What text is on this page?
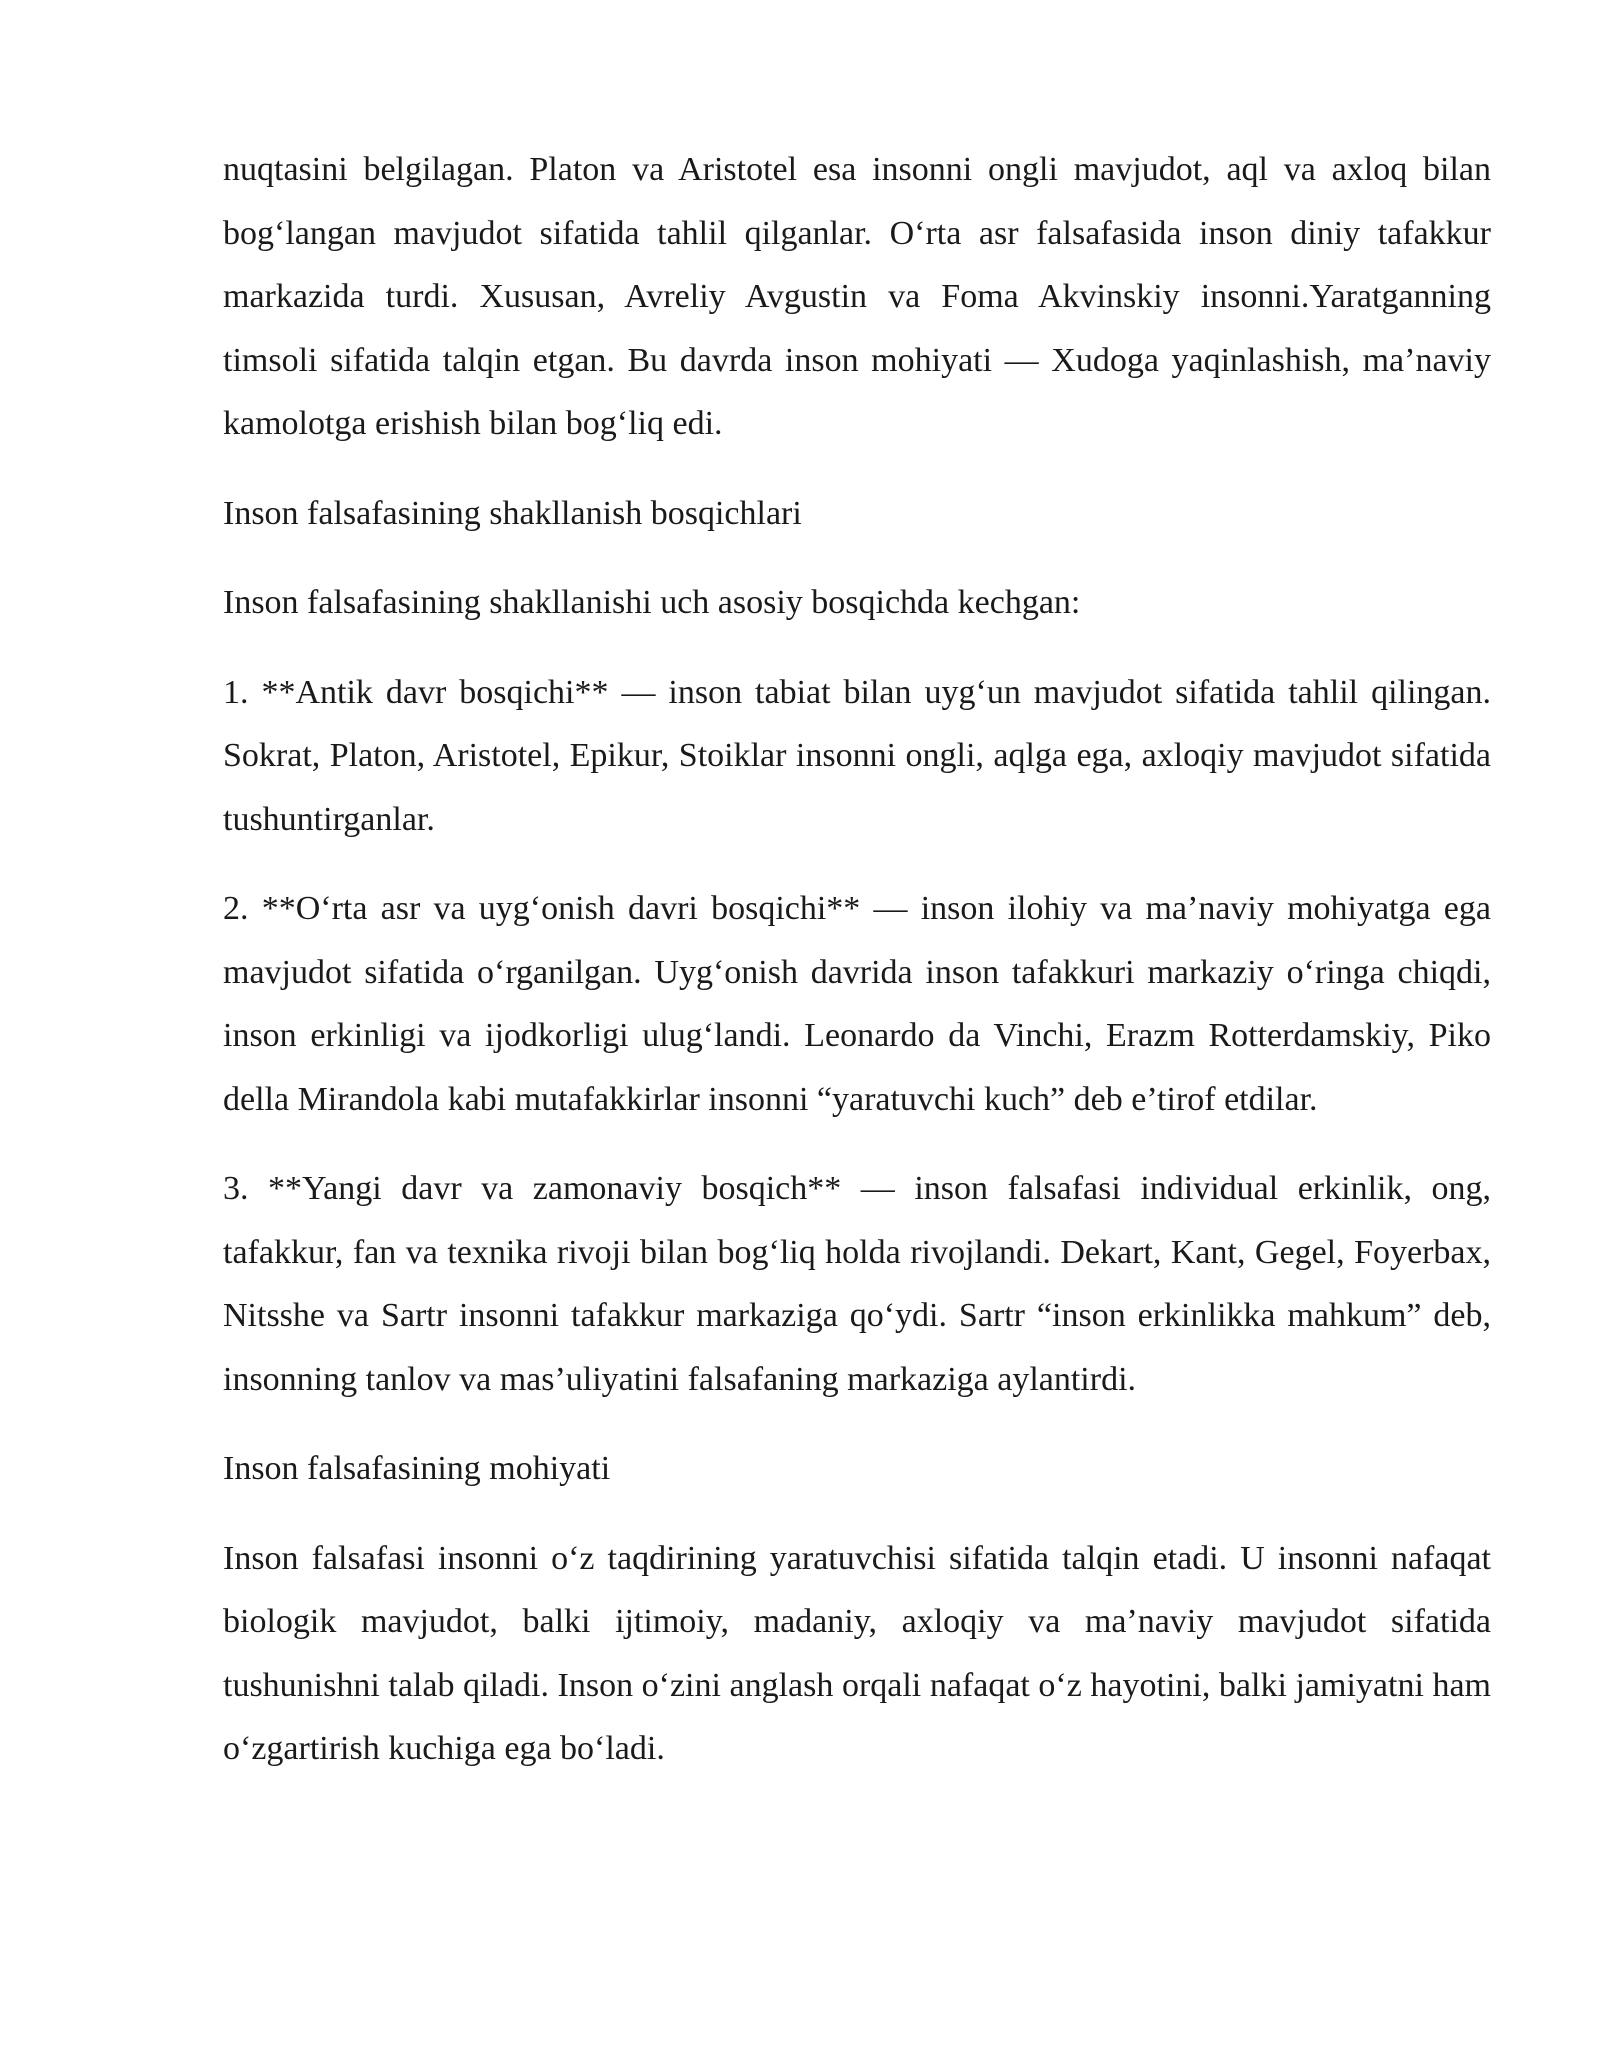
nuqtasini belgilagan. Platon va Aristotel esa insonni ongli mavjudot, aql va axloq bilan bog‘langan mavjudot sifatida tahlil qilganlar. O‘rta asr falsafasida inson diniy tafakkur markazida turdi. Xususan, Avreliy Avgustin va Foma Akvinskiy insonni.Yaratganning timsoli sifatida talqin etgan. Bu davrda inson mohiyati — Xudoga yaqinlashish, ma’naviy kamolotga erishish bilan bog‘liq edi.

Inson falsafasining shakllanish bosqichlari

Inson falsafasining shakllanishi uch asosiy bosqichda kechgan:

1. **Antik davr bosqichi** — inson tabiat bilan uyg‘un mavjudot sifatida tahlil qilingan. Sokrat, Platon, Aristotel, Epikur, Stoiklar insonni ongli, aqlga ega, axloqiy mavjudot sifatida tushuntirganlar.

2. **O‘rta asr va uyg‘onish davri bosqichi** — inson ilohiy va ma’naviy mohiyatga ega mavjudot sifatida o‘rganilgan. Uyg‘onish davrida inson tafakkuri markaziy o‘ringa chiqdi, inson erkinligi va ijodkorligi ulug‘landi. Leonardo da Vinchi, Erazm Rotterdamskiy, Piko della Mirandola kabi mutafakkirlar insonni “yaratuvchi kuch” deb e’tirof etdilar.

3. **Yangi davr va zamonaviy bosqich** — inson falsafasi individual erkinlik, ong, tafakkur, fan va texnika rivoji bilan bog‘liq holda rivojlandi. Dekart, Kant, Gegel, Foyerbax, Nitsshe va Sartr insonni tafakkur markaziga qo‘ydi. Sartr “inson erkinlikka mahkum” deb, insonning tanlov va mas’uliyatini falsafaning markaziga aylantirdi.

Inson falsafasining mohiyati

Inson falsafasi insonni o‘z taqdirining yaratuvchisi sifatida talqin etadi. U insonni nafaqat biologik mavjudot, balki ijtimoiy, madaniy, axloqiy va ma’naviy mavjudot sifatida tushunishni talab qiladi. Inson o‘zini anglash orqali nafaqat o‘z hayotini, balki jamiyatni ham o‘zgartirish kuchiga ega bo‘ladi.
